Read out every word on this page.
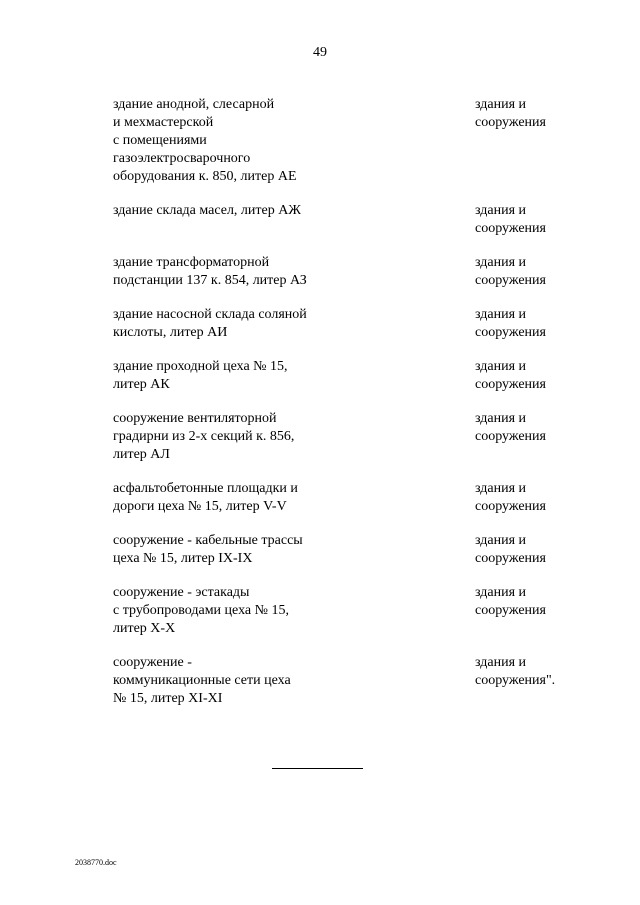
49
здание анодной, слесарной
и мехмастерской
с помещениями
газоэлектросварочного
оборудования к. 850, литер АЕ
здания и
сооружения
здание склада масел, литер АЖ	здания и
сооружения
здание трансформаторной
подстанции 137 к. 854, литер АЗ
здания и
сооружения
здание насосной склада соляной
кислоты, литер АИ
здания и
сооружения
здание проходной цеха № 15,
литер АК
здания и
сооружения
сооружение вентиляторной
градирни из 2-х секций к. 856,
литер АЛ
здания и
сооружения
асфальтобетонные площадки и
дороги цеха № 15, литер V-V
здания и
сооружения
сооружение - кабельные трассы
цеха № 15, литер IX-IX
здания и
сооружения
сооружение - эстакады
с трубопроводами цеха № 15,
литер Х-Х
здания и
сооружения
сооружение -
коммуникационные сети цеха
№ 15, литер XI-XI
здания и
сооружения".
2038770.doc
